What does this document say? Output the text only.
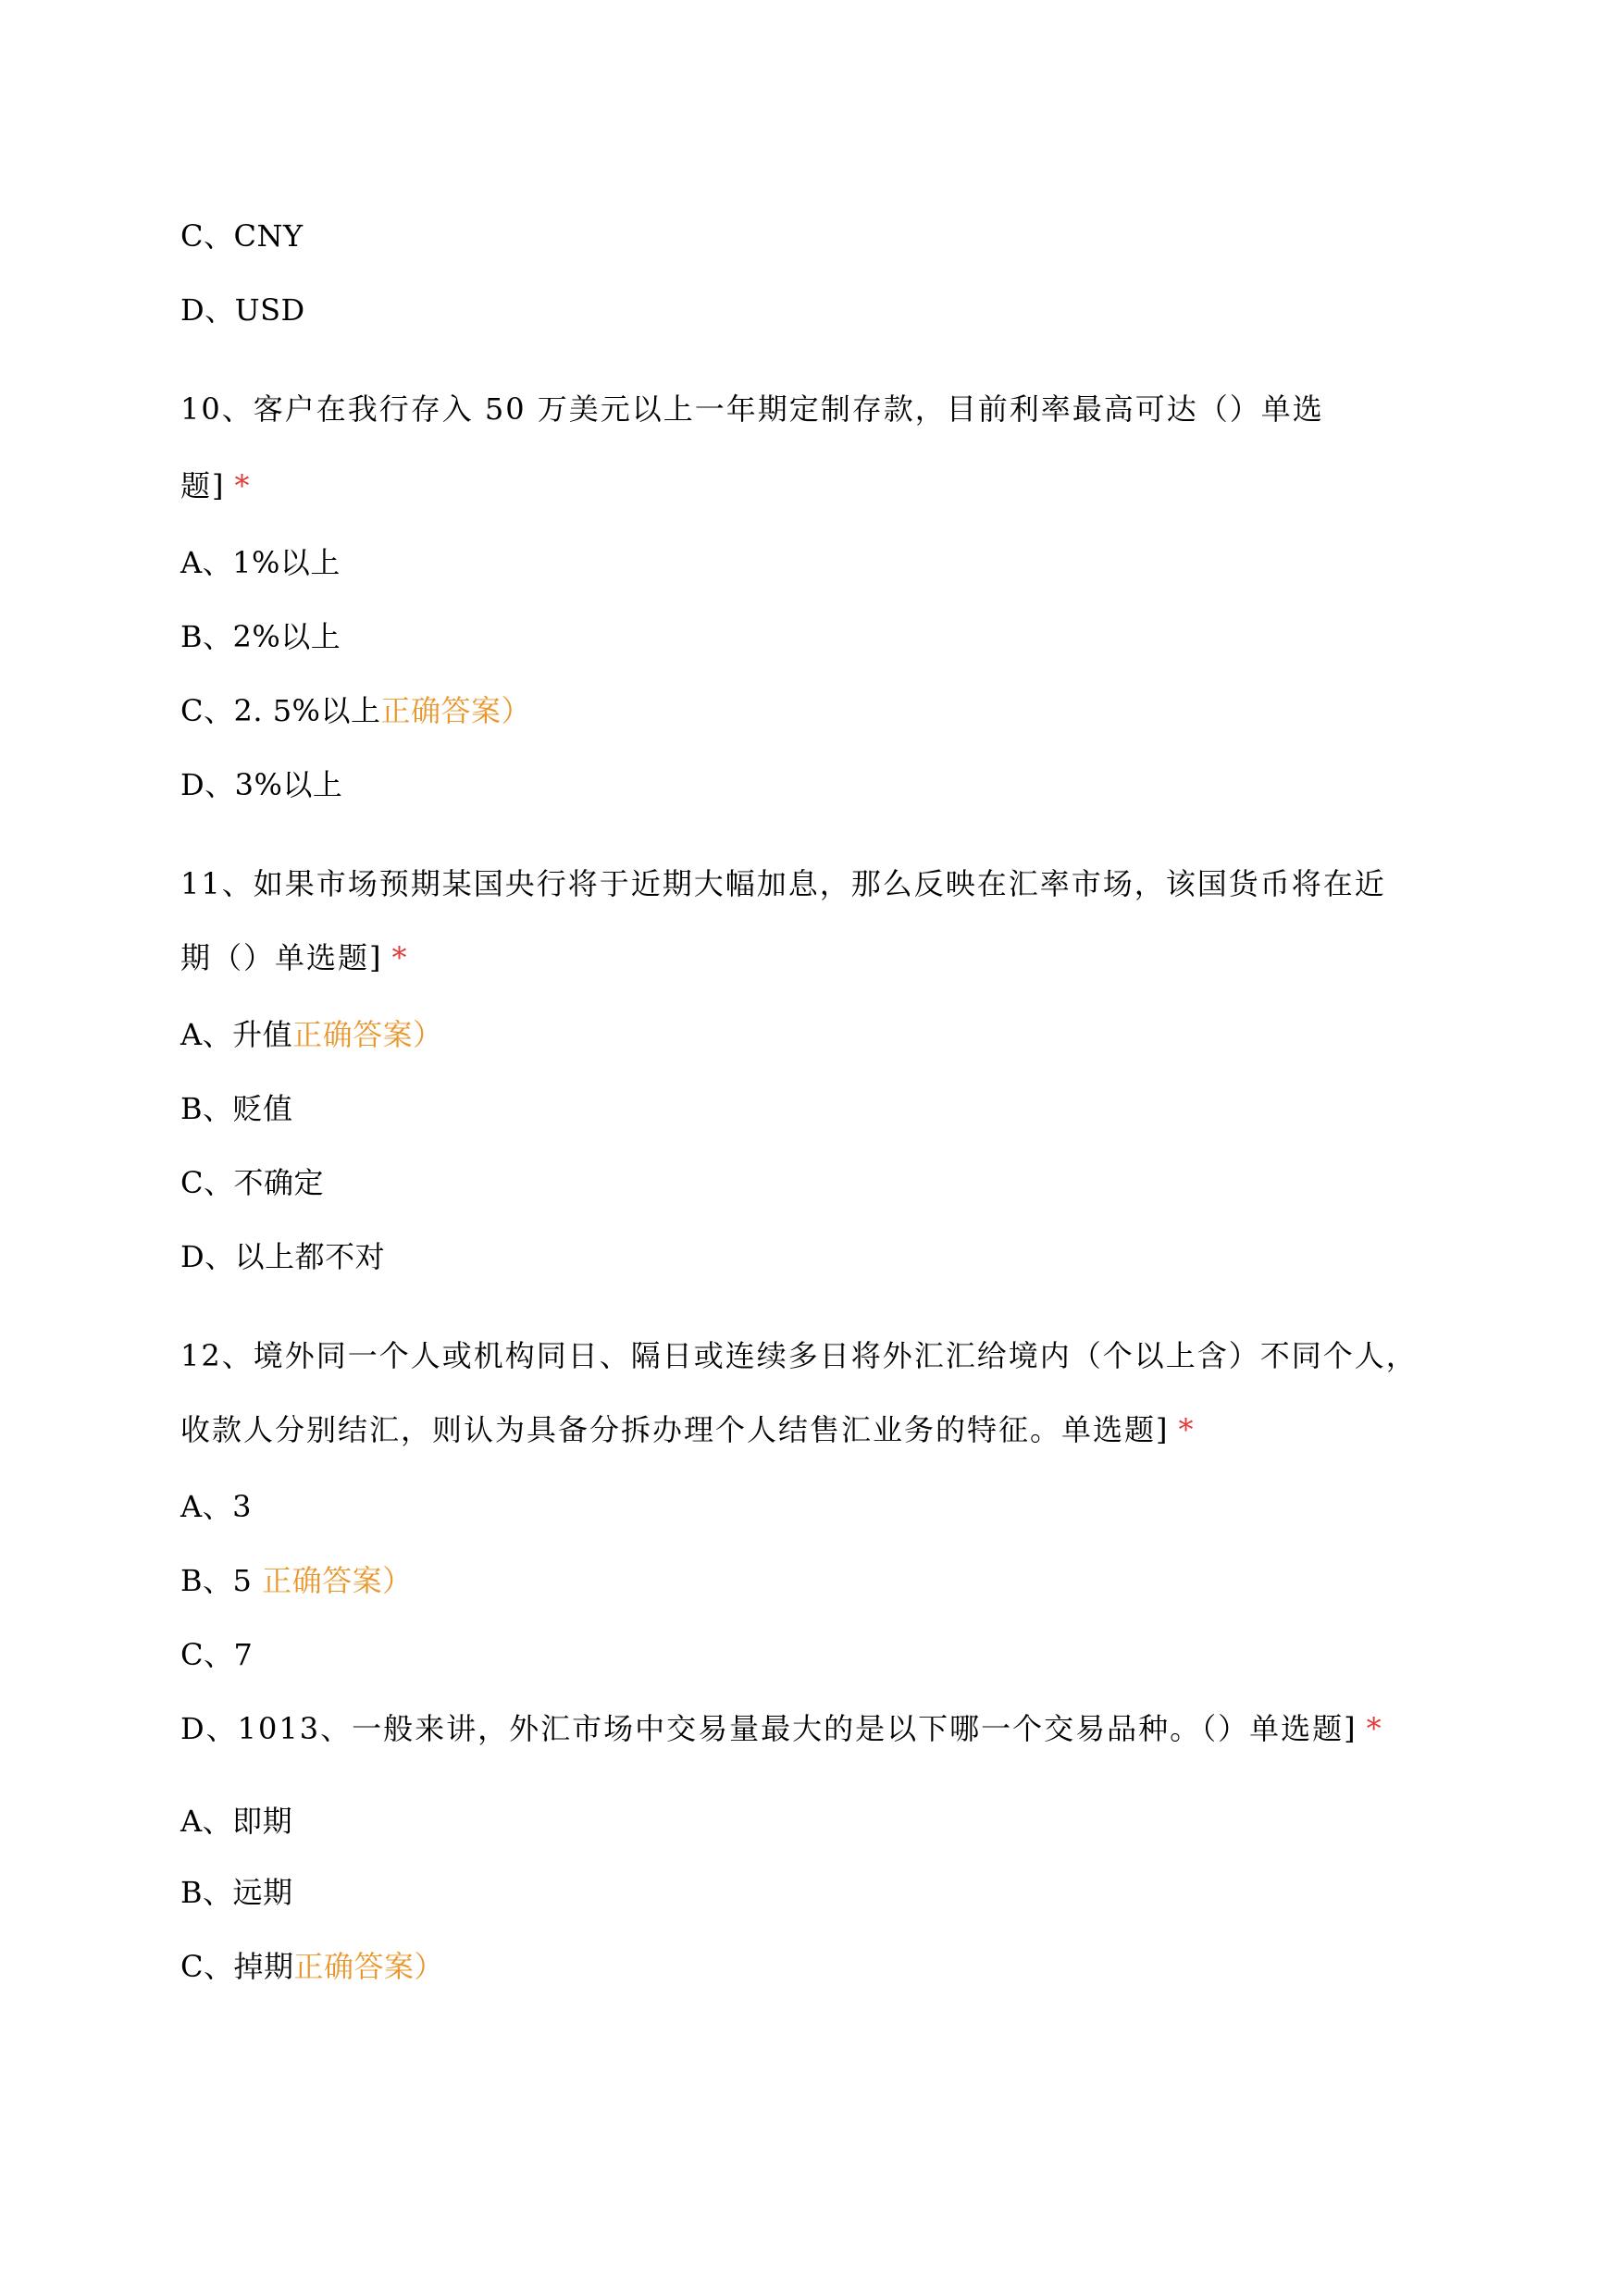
C、CNY
D、USD
10、客户在我行存入 50 万美元以上一年期定制存款，目前利率最高可达（）单选
题] *
A、1%以上
B、2%以上
C、2. 5%以上正确答案）
D、3%以上
11、如果市场预期某国央行将于近期大幅加息，那么反映在汇率市场，该国货币将在近
期（）单选题] *
A、升值正确答案）
B、贬值
C、不确定
D、以上都不对
12、境外同一个人或机构同日、隔日或连续多日将外汇汇给境内（个以上含）不同个人，
收款人分别结汇，则认为具备分拆办理个人结售汇业务的特征。单选题] *
A、3
B、5 正确答案）
C、7
D、1013、一般来讲，外汇市场中交易量最大的是以下哪一个交易品种。（）单选题] *
A、即期
B、远期
C、掉期正确答案）
